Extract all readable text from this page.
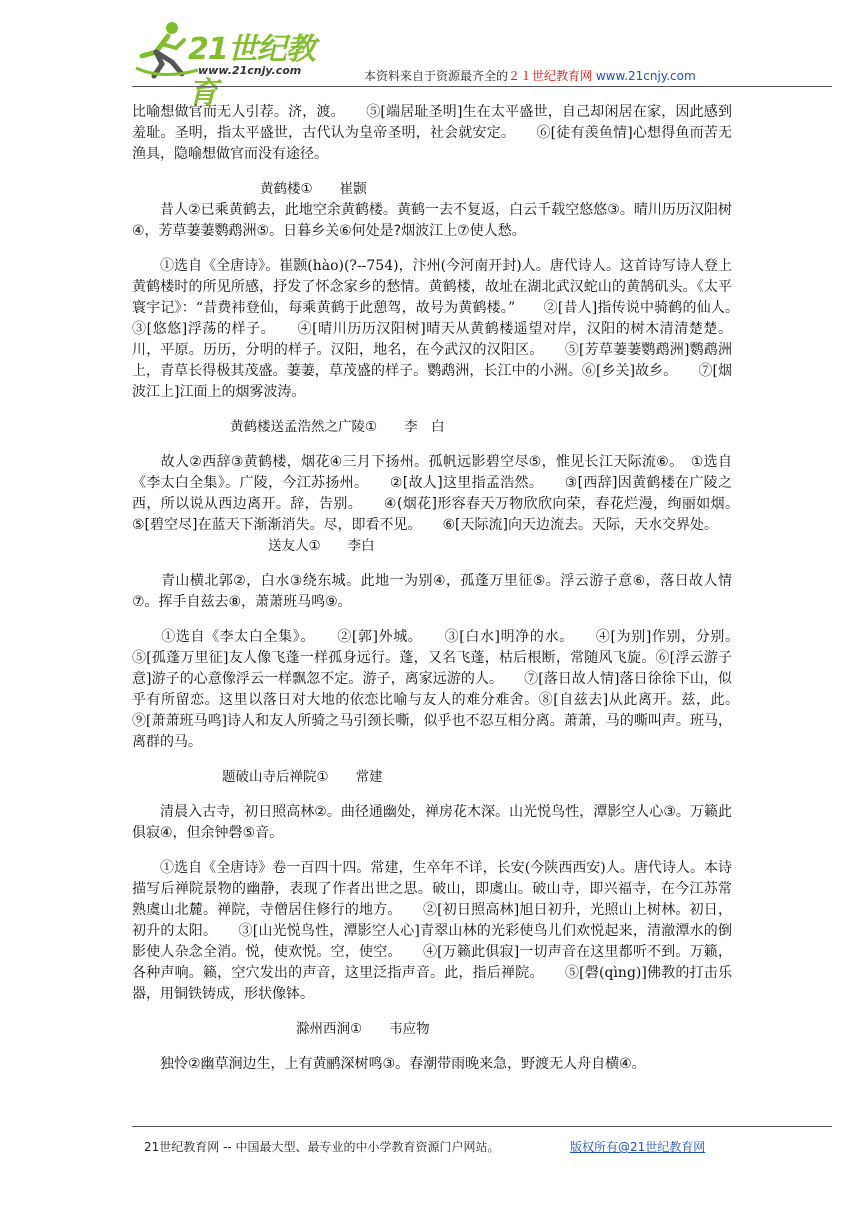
21世纪教育
www.21cnjy.com	本资料来自于资源最齐全的２１世纪教育网 www.21cnjy.com

比喻想做官而无人引荐。济，渡。　　⑤[端居耻圣明]生在太平盛世，自己却闲居在家，因此感到羞耻。圣明，指太平盛世，古代认为皇帝圣明，社会就安定。　　⑥[徒有羡鱼情]心想得鱼而苦无渔具，隐喻想做官而没有途径。

黄鹤楼①　　崔颢

　　昔人②已乘黄鹤去，此地空余黄鹤楼。黄鹤一去不复返，白云千载空悠悠③。晴川历历汉阳树④，芳草萋萋鹦鹉洲⑤。日暮乡关⑥何处是?烟波江上⑦使人愁。

　　①选自《全唐诗》。崔颢(hào)(?--754)，汴州(今河南开封)人。唐代诗人。这首诗写诗人登上黄鹤楼时的所见所感，抒发了怀念家乡的愁情。黄鹤楼，故址在湖北武汉蛇山的黄鹄矶头。《太平寰宇记》：“昔费袆登仙，每乘黄鹤于此憩驾，故号为黄鹤楼。”　　②[昔人]指传说中骑鹤的仙人。　　③[悠悠]浮荡的样子。　　④[晴川历历汉阳树]晴天从黄鹤楼遥望对岸，汉阳的树木清清楚楚。川，平原。历历，分明的样子。汉阳，地名，在今武汉的汉阳区。　　⑤[芳草萋萋鹦鹉洲]鹦鹉洲上，青草长得极其茂盛。萋萋，草茂盛的样子。鹦鹉洲，长江中的小洲。⑥[乡关]故乡。　　⑦[烟波江上]江面上的烟雾波涛。

黄鹤楼送孟浩然之广陵①　　李　白

　　故人②西辞③黄鹤楼，烟花④三月下扬州。孤帆远影碧空尽⑤，惟见长江天际流⑥。　①选自《李太白全集》。广陵，今江苏扬州。　　②[故人]这里指孟浩然。　　③[西辞]因黄鹤楼在广陵之西，所以说从西边离开。辞，告别。　　④(烟花]形容春天万物欣欣向荣，春花烂漫，绚丽如烟。　　⑤[碧空尽]在蓝天下渐渐消失。尽，即看不见。　　⑥[天际流]向天边流去。天际，天水交界处。

送友人①　　李白

　　青山横北郭②，白水③绕东城。此地一为别④，孤蓬万里征⑤。浮云游子意⑥，落日故人情⑦。挥手自兹去⑧，萧萧班马鸣⑨。

　　①选自《李太白全集》。　　②[郭]外城。　　③[白水]明净的水。　　④[为别]作别，分别。　　⑤[孤蓬万里征]友人像飞蓬一样孤身远行。蓬，又名飞蓬，枯后根断，常随风飞旋。⑥[浮云游子意]游子的心意像浮云一样飘忽不定。游子，离家远游的人。　　⑦[落日故人情]落日徐徐下山，似乎有所留恋。这里以落日对大地的依恋比喻与友人的难分难舍。⑧[自兹去]从此离开。兹，此。　　⑨[萧萧班马鸣]诗人和友人所骑之马引颈长嘶，似乎也不忍互相分离。萧萧，马的嘶叫声。班马，离群的马。

题破山寺后禅院①　　常建

　　清晨入古寺，初日照高林②。曲径通幽处，禅房花木深。山光悦鸟性，潭影空人心③。万籁此俱寂④，但余钟磬⑤音。

　　①选自《全唐诗》卷一百四十四。常建，生卒年不详，长安(今陕西西安)人。唐代诗人。本诗描写后禅院景物的幽静，表现了作者出世之思。破山，即虞山。破山寺，即兴福寺，在今江苏常熟虞山北麓。禅院，寺僧居住修行的地方。　　②[初日照高林]旭日初升，光照山上树林。初日，初升的太阳。　　③[山光悦鸟性，潭影空人心]青翠山林的光彩使鸟儿们欢悦起来，清澈潭水的倒影使人杂念全消。悦，使欢悦。空，使空。　　④[万籁此俱寂]一切声音在这里都听不到。万籁，各种声响。籁，空穴发出的声音，这里泛指声音。此，指后禅院。　　⑤[磬(qìng)]佛教的打击乐器，用铜铁铸成，形状像钵。

滁州西涧①　　韦应物

　　独怜②幽草涧边生，上有黄鹂深树鸣③。春潮带雨晚来急，野渡无人舟自横④。

21世纪教育网 -- 中国最大型、最专业的中小学教育资源门户网站。	版权所有@21世纪教育网
